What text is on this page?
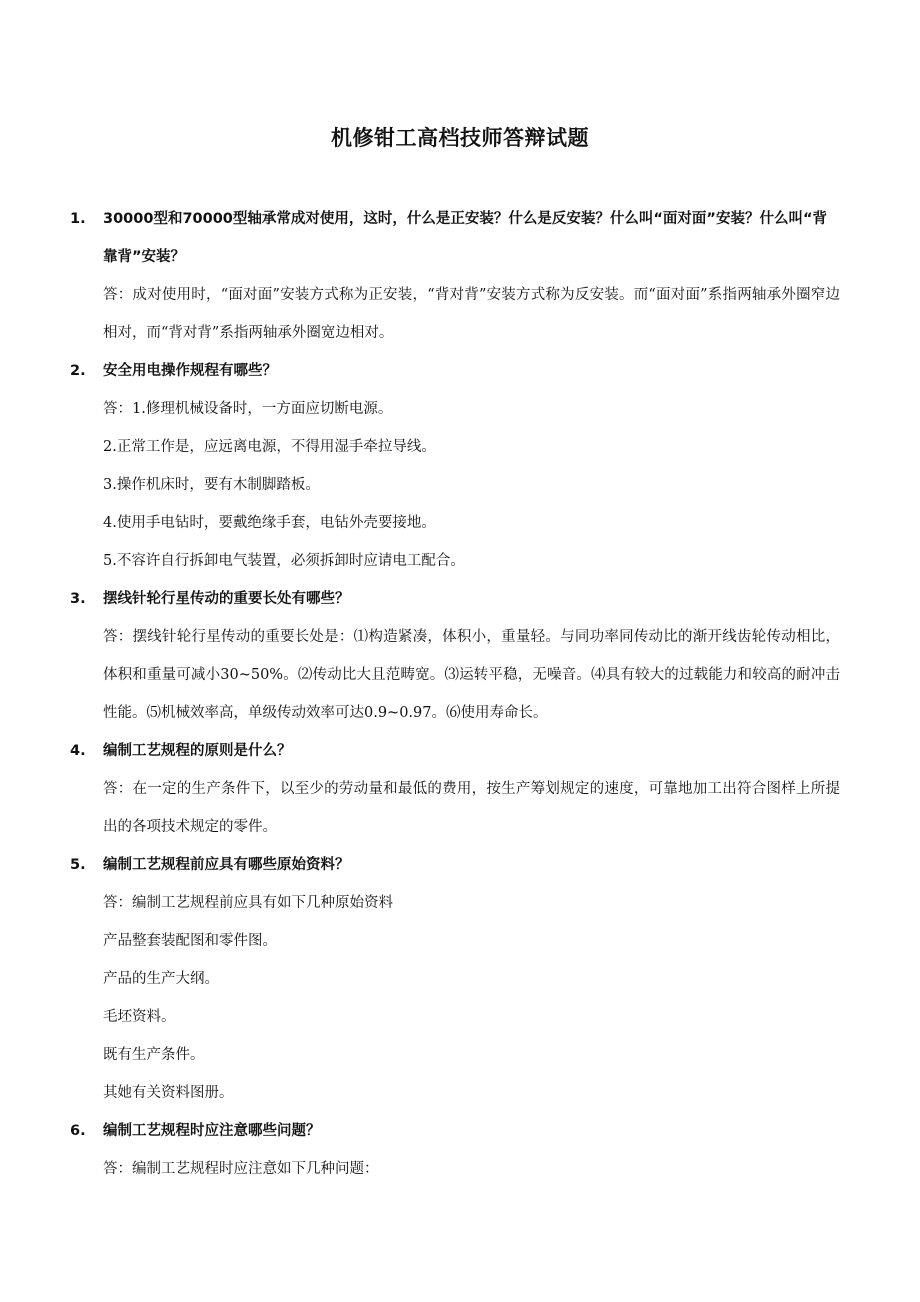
机修钳工高档技师答辩试题
1. 30000型和70000型轴承常成对使用，这时，什么是正安装？什么是反安装？什么叫“面对面”安装？什么叫“背靠背”安装？
答：成对使用时，“面对面”安装方式称为正安装，“背对背”安装方式称为反安装。而“面对面”系指两轴承外圈窄边相对，而“背对背”系指两轴承外圈宽边相对。
2. 安全用电操作规程有哪些？
答：1.修理机械设备时，一方面应切断电源。
2.正常工作是，应远离电源，不得用湿手牵拉导线。
3.操作机床时，要有木制脚踏板。
4.使用手电钻时，要戴绝缘手套，电钻外壳要接地。
5.不容许自行拆卸电气装置，必须拆卸时应请电工配合。
3. 摆线针轮行星传动的重要长处有哪些？
答：摆线针轮行星传动的重要长处是：⑴构造紧凑，体积小，重量轻。与同功率同传动比的渐开线齿轮传动相比，体积和重量可减小30~50%。⑵传动比大且范畴宽。⑶运转平稳，无噪音。⑷具有较大的过载能力和较高的耐冲击性能。⑸机械效率高，单级传动效率可达0.9~0.97。⑹使用寿命长。
4. 编制工艺规程的原则是什么？
答：在一定的生产条件下，以至少的劳动量和最低的费用，按生产筹划规定的速度，可靠地加工出符合图样上所提出的各项技术规定的零件。
5. 编制工艺规程前应具有哪些原始资料？
答：编制工艺规程前应具有如下几种原始资料
产品整套装配图和零件图。
产品的生产大纲。
毛坯资料。
既有生产条件。
其她有关资料图册。
6. 编制工艺规程时应注意哪些问题？
答：编制工艺规程时应注意如下几种问题：
